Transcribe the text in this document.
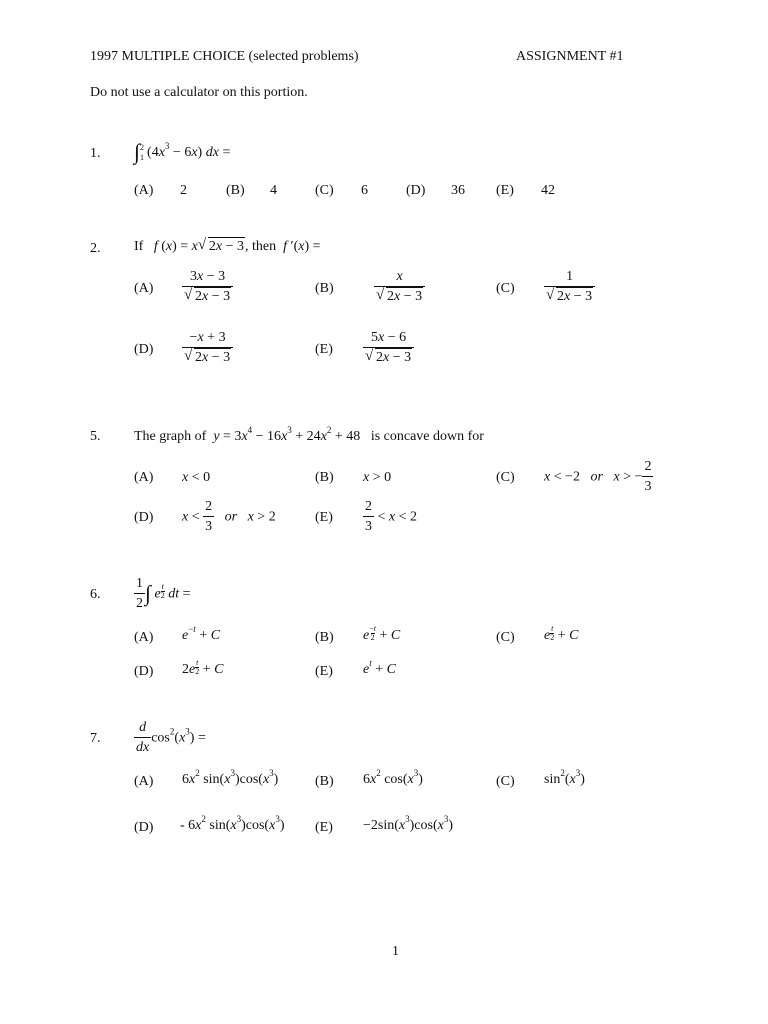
1997 MULTIPLE CHOICE (selected problems)	ASSIGNMENT #1
Do not use a calculator on this portion.
1. ∫ 2
1 $(4x^3 - 6x)$ dx =
(A) 2	(B) 4	(C) 6	(D) 36 (E) 42
2. If f (x) = x √ 2x − 3, then f ′(x) =
$(A) \frac{3x - 3}{√ 2x - 3}$	(B)	$\frac{x}{√ 2x - 3}$	$(C) \frac{1}{√ 2x - 3}$
$(D) \frac{-x + 3}{√ 2x - 3}$	$(E) \frac{5x - 6}{√ 2x - 3}$
5. The graph of $y = 3x^4 - 16x^3 + 24x^2 + 48$   is concave down for
(A) x < 0	(B) x > 0	(C) x < −2   or x > − $\frac{2}{3}$
(D) $x < \frac{2}{3}$ or x > 2	$(E) \frac{2}{3} < x < 2$
6. $\frac{1}{2}$ ∫ e $\frac{t}{2}$ dt =
(A) $e^{-t} + C$	(B) e $\frac{-t}{2} + C$	(C) e $\frac{t}{2} + C$
(D) $2e \frac{t}{2} + C$	(E) $e^t + C$
7. $\frac{d}{dx} \cos^2(x^3)$ =
(A) $6x^2$ $\sin(x^3)\cos(x^3)$	(B) $6x^2$ $\cos(x^3)$	(C) $\sin^2(x^3)$
$(D) - 6x^2$ $\sin(x^3)\cos(x^3)$ $(E) -2\sin(x^3)\cos(x^3)$
1
